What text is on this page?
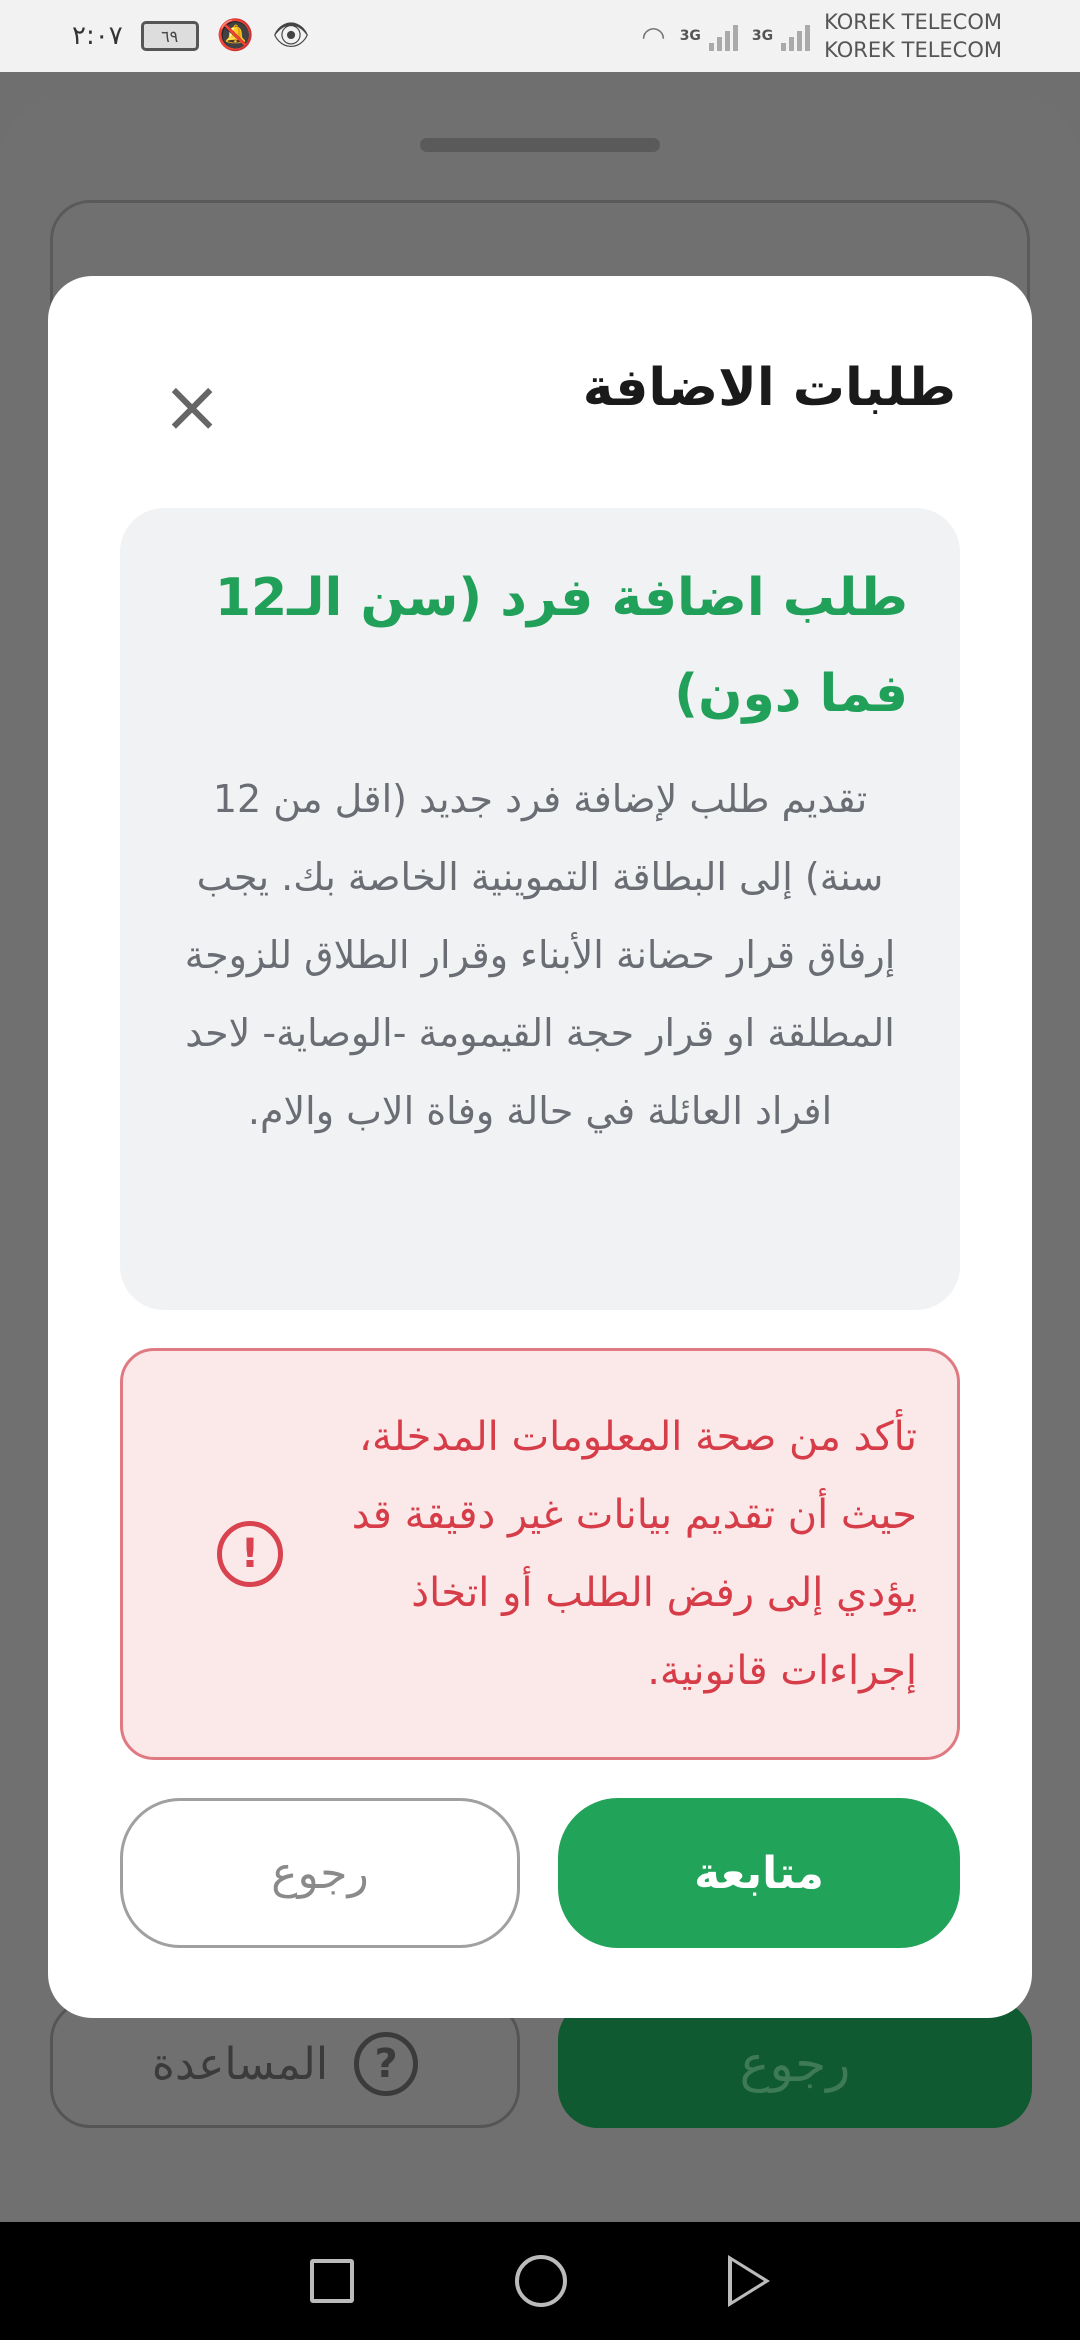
٢:٠٧	٦٩	🔕 👁	◠ 3G	3G
KOREK TELECOM
KOREK TELECOM
المساعدة	?	رجوع
طلبات الاضافة
×
طلب اضافة فرد (سن الـ12 فما دون)
تقديم طلب لإضافة فرد جديد (اقل من 12 سنة) إلى البطاقة التموينية الخاصة بك. يجب إرفاق قرار حضانة الأبناء وقرار الطلاق للزوجة المطلقة او قرار حجة القيمومة -الوصاية- لاحد افراد العائلة في حالة وفاة الاب والام.
تأكد من صحة المعلومات المدخلة، حيث أن تقديم بيانات غير دقيقة قد يؤدي إلى رفض الطلب أو اتخاذ إجراءات قانونية.
!
رجوع	متابعة
